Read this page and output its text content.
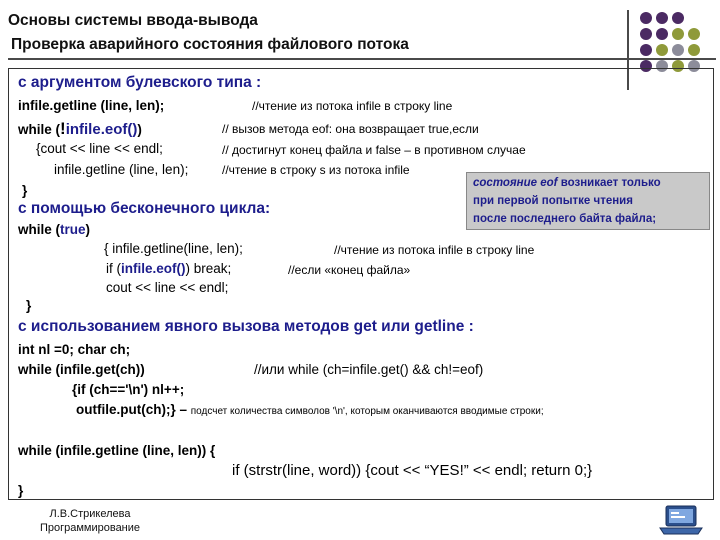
Основы системы ввода-вывода
Проверка аварийного состояния файлового потока
с аргументом булевского типа :
infile.getline (line, len);	//чтение из потока infile в строку line
while (!infile.eof())	// вызов метода eof: она возвращает true,если
{cout << line << endl;	// достигнут конец файла и false – в противном случае
infile.getline (line, len);	//чтение в строку s из потока infile
}
с помощью бесконечного цикла:
while (true)
{ infile.getline(line, len);	//чтение из потока infile в строку line
if (infile.eof()) break;	//если «конец файла»
cout << line << endl;
}
с использованием явного вызова методов get или getline :
int nl =0; char ch;
while (infile.get(ch))	//или while (ch=infile.get() && ch!=eof)
{if (ch=='\n') nl++;
outfile.put(ch);} – подсчет количества символов '\n', которым оканчиваются вводимые строки;
while (infile.getline (line, len)) {
if (strstr(line, word)) {cout << “YES!” << endl; return 0;}
}
состояние eof возникает только
при первой попытке чтения
после последнего байта файла;
Л.В.Стрикелева
Программирование
